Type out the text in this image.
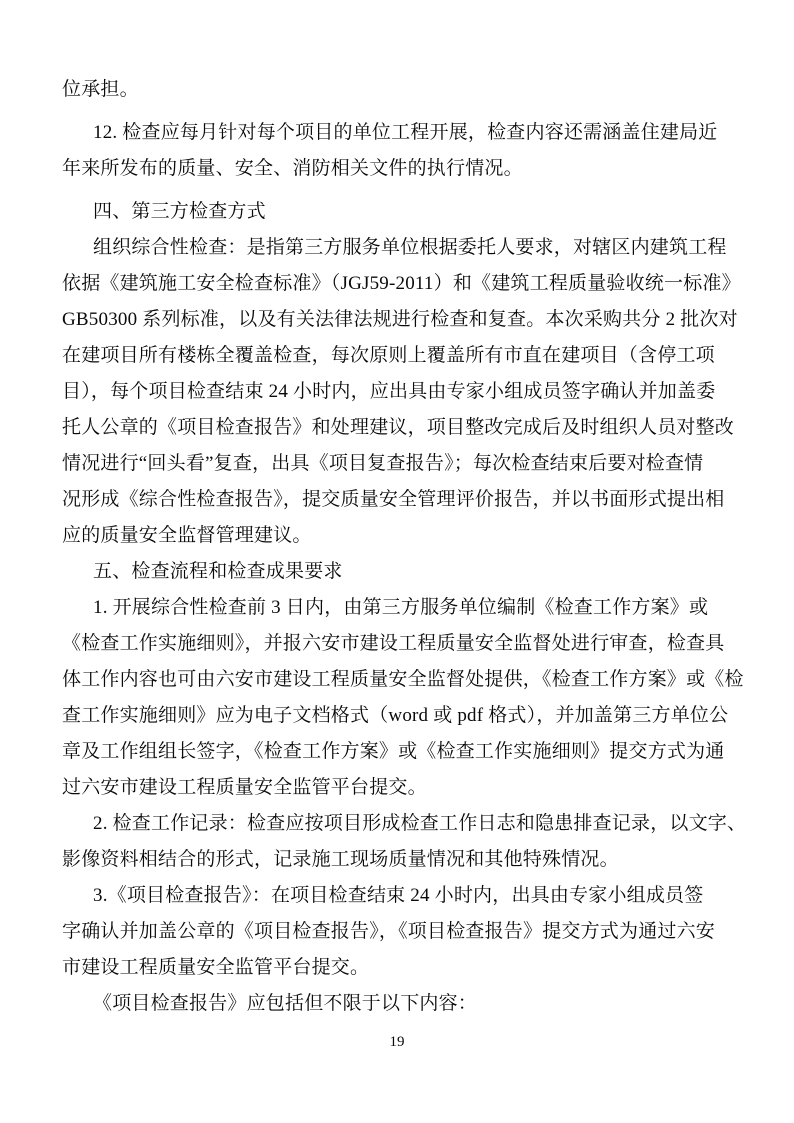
位承担。
12. 检查应每月针对每个项目的单位工程开展，检查内容还需涵盖住建局近
年来所发布的质量、安全、消防相关文件的执行情况。
四、第三方检查方式
组织综合性检查：是指第三方服务单位根据委托人要求，对辖区内建筑工程
依据《建筑施工安全检查标准》（JGJ59-2011）和《建筑工程质量验收统一标准》
GB50300 系列标准，以及有关法律法规进行检查和复查。本次采购共分 2 批次对
在建项目所有楼栋全覆盖检查，每次原则上覆盖所有市直在建项目（含停工项
目），每个项目检查结束 24 小时内，应出具由专家小组成员签字确认并加盖委
托人公章的《项目检查报告》和处理建议，项目整改完成后及时组织人员对整改
情况进行“回头看”复查，出具《项目复查报告》；每次检查结束后要对检查情
况形成《综合性检查报告》，提交质量安全管理评价报告，并以书面形式提出相
应的质量安全监督管理建议。
五、检查流程和检查成果要求
1. 开展综合性检查前 3 日内，由第三方服务单位编制《检查工作方案》或
《检查工作实施细则》，并报六安市建设工程质量安全监督处进行审查，检查具
体工作内容也可由六安市建设工程质量安全监督处提供，《检查工作方案》或《检
查工作实施细则》应为电子文档格式（word 或 pdf 格式），并加盖第三方单位公
章及工作组组长签字，《检查工作方案》或《检查工作实施细则》提交方式为通
过六安市建设工程质量安全监管平台提交。
2. 检查工作记录：检查应按项目形成检查工作日志和隐患排查记录，以文字、
影像资料相结合的形式，记录施工现场质量情况和其他特殊情况。
3.《项目检查报告》：在项目检查结束 24 小时内，出具由专家小组成员签
字确认并加盖公章的《项目检查报告》，《项目检查报告》提交方式为通过六安
市建设工程质量安全监管平台提交。
《项目检查报告》应包括但不限于以下内容：
19
